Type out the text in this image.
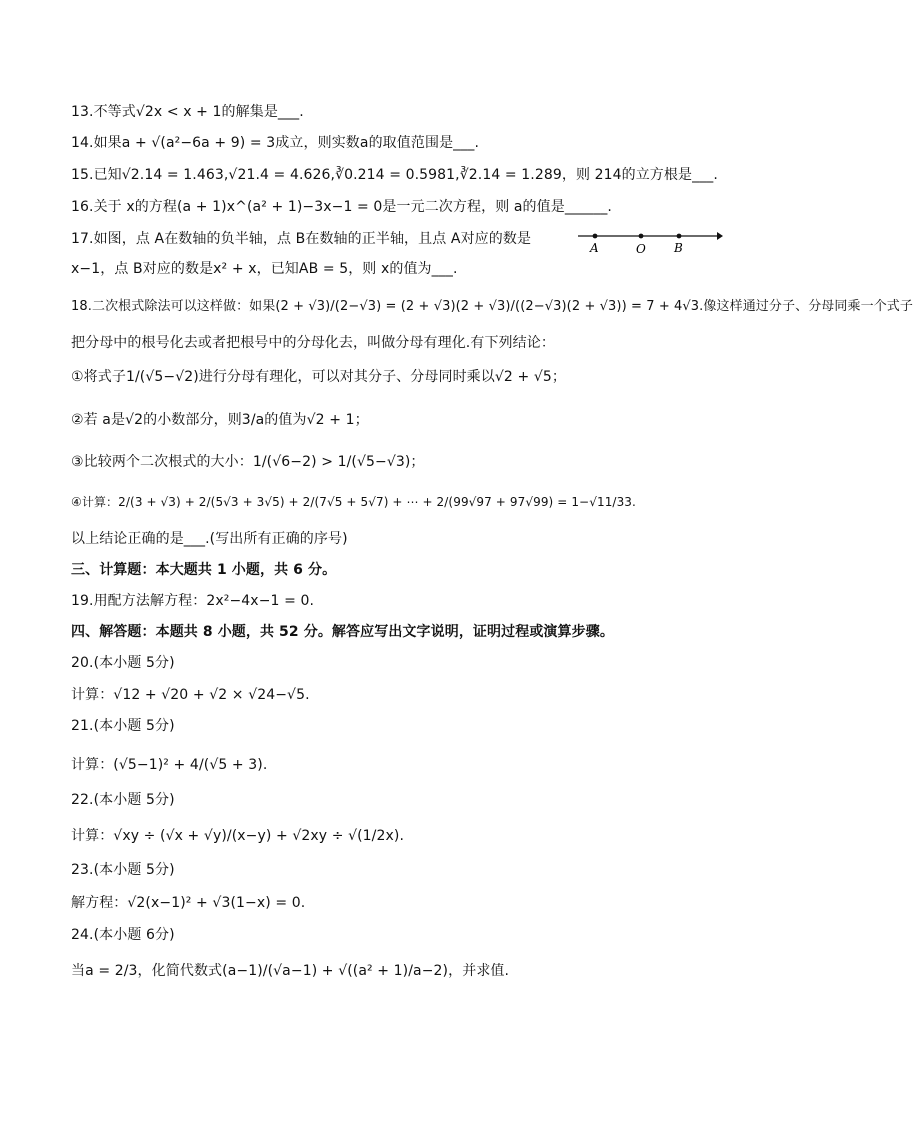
13.不等式√2x < x + 1的解集是___.
14.如果a + √(a²−6a + 9) = 3成立，则实数a的取值范围是___.
15.已知√2.14 = 1.463,√21.4 = 4.626,∛0.214 = 0.5981,∛2.14 = 1.289，则 214的立方根是___.
16.关于 x的方程(a + 1)x^(a² + 1)−3x−1 = 0是一元二次方程，则 a的值是______.
17.如图，点 A在数轴的负半轴，点 B在数轴的正半轴，且点 A对应的数是
x−1，点 B对应的数是x² + x，已知AB = 5，则 x的值为___.
A	O B
18.二次根式除法可以这样做：如果(2 + √3)/(2−√3) = (2 + √3)(2 + √3)/((2−√3)(2 + √3)) = 7 + 4√3.像这样通过分子、分母同乘一个式子
把分母中的根号化去或者把根号中的分母化去，叫做分母有理化.有下列结论：
①将式子1/(√5−√2)进行分母有理化，可以对其分子、分母同时乘以√2 + √5；
②若 a是√2的小数部分，则3/a的值为√2 + 1；
③比较两个二次根式的大小：1/(√6−2) > 1/(√5−√3)；
④计算：2/(3 + √3) + 2/(5√3 + 3√5) + 2/(7√5 + 5√7) + ⋯ + 2/(99√97 + 97√99) = 1−√11/33.
以上结论正确的是___.(写出所有正确的序号)
三、计算题：本大题共 1 小题，共 6 分。
19.用配方法解方程：2x²−4x−1 = 0.
四、解答题：本题共 8 小题，共 52 分。解答应写出文字说明，证明过程或演算步骤。
20.(本小题 5分)
计算：√12 + √20 + √2 × √24−√5.
21.(本小题 5分)
计算：(√5−1)² + 4/(√5 + 3).
22.(本小题 5分)
计算：√xy ÷ (√x + √y)/(x−y) + √2xy ÷ √(1/2x).
23.(本小题 5分)
解方程：√2(x−1)² + √3(1−x) = 0.
24.(本小题 6分)
当a = 2/3，化简代数式(a−1)/(√a−1) + √((a² + 1)/a−2)，并求值.
